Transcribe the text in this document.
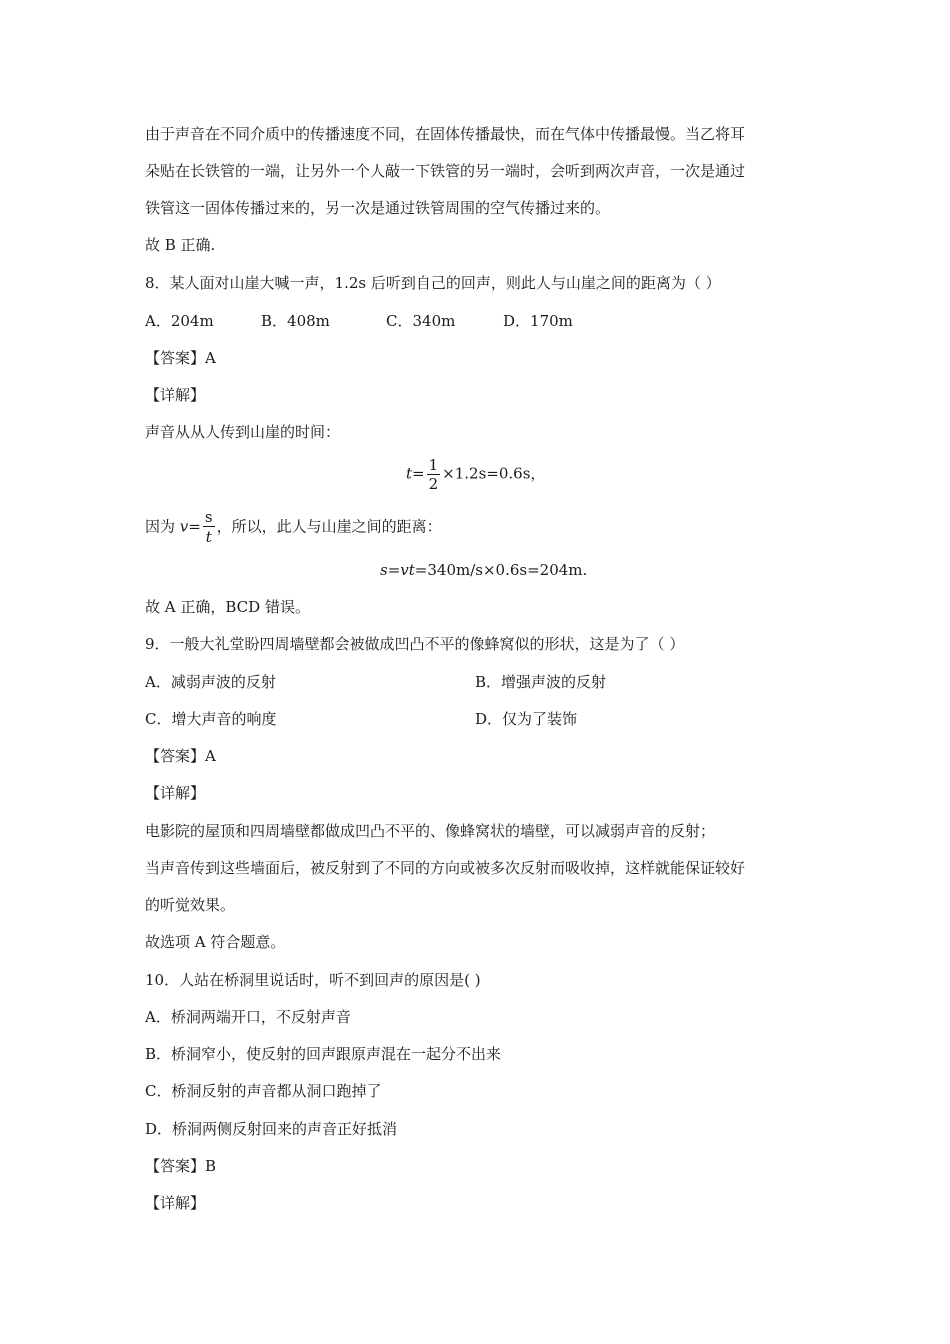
由于声音在不同介质中的传播速度不同，在固体传播最快，而在气体中传播最慢。当乙将耳
朵贴在长铁管的一端，让另外一个人敲一下铁管的另一端时，会听到两次声音，一次是通过
铁管这一固体传播过来的，另一次是通过铁管周围的空气传播过来的。
故 B 正确.
8．某人面对山崖大喊一声，1.2s 后听到自己的回声，则此人与山崖之间的距离为（ ）
A．204m	B．408m	C．340m	D．170m
【答案】A
【详解】
声音从从人传到山崖的时间：
$t= \frac{1}{2} \times 1.2s=0.6s$，
因为 $v= \frac{s}{t}$ ，所以，此人与山崖之间的距离：
s=vt=340m/s×0.6s=204m.
故 A 正确，BCD 错误。
9．一般大礼堂盼四周墙壁都会被做成凹凸不平的像蜂窝似的形状，这是为了（ ）
A．减弱声波的反射	B．增强声波的反射
C．增大声音的响度	D．仅为了装饰
【答案】A
【详解】
电影院的屋顶和四周墙壁都做成凹凸不平的、像蜂窝状的墙壁，可以减弱声音的反射；
当声音传到这些墙面后，被反射到了不同的方向或被多次反射而吸收掉，这样就能保证较好
的听觉效果。
故选项 A 符合题意。
10．人站在桥洞里说话时，听不到回声的原因是( )
A．桥洞两端开口，不反射声音
B．桥洞窄小，使反射的回声跟原声混在一起分不出来
C．桥洞反射的声音都从洞口跑掉了
D．桥洞两侧反射回来的声音正好抵消
【答案】B
【详解】
